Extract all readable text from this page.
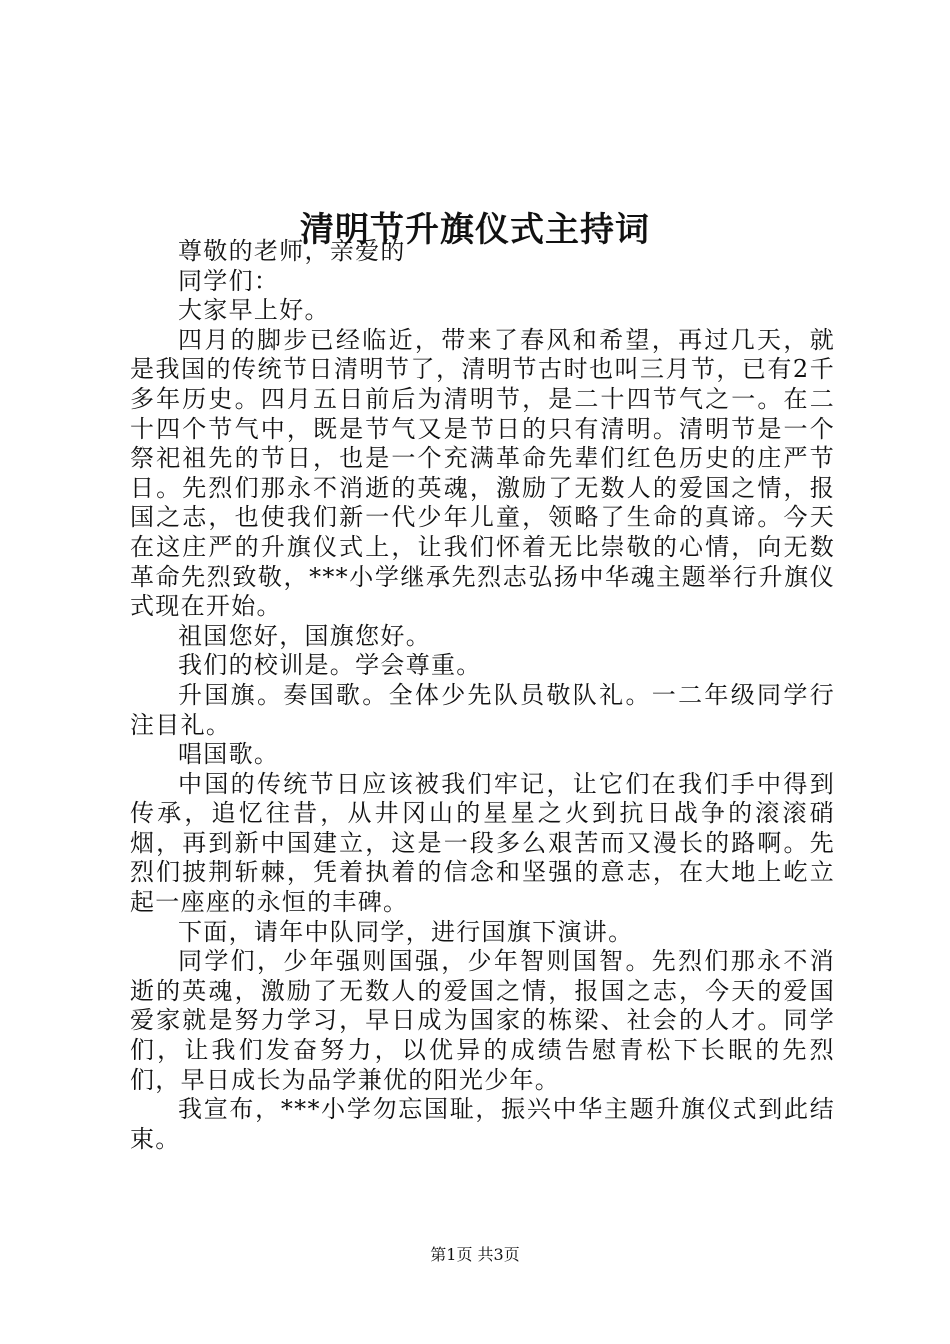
清明节升旗仪式主持词

尊敬的老师，亲爱的

同学们：

大家早上好。

四月的脚步已经临近，带来了春风和希望，再过几天，就是我国的传统节日清明节了，清明节古时也叫三月节，已有2千多年历史。四月五日前后为清明节，是二十四节气之一。在二十四个节气中，既是节气又是节日的只有清明。清明节是一个祭祀祖先的节日，也是一个充满革命先辈们红色历史的庄严节日。先烈们那永不消逝的英魂，激励了无数人的爱国之情，报国之志，也使我们新一代少年儿童，领略了生命的真谛。今天在这庄严的升旗仪式上，让我们怀着无比崇敬的心情，向无数革命先烈致敬，***小学继承先烈志弘扬中华魂主题举行升旗仪式现在开始。

祖国您好，国旗您好。

我们的校训是。学会尊重。

升国旗。奏国歌。全体少先队员敬队礼。一二年级同学行注目礼。

唱国歌。

中国的传统节日应该被我们牢记，让它们在我们手中得到传承，追忆往昔，从井冈山的星星之火到抗日战争的滚滚硝烟，再到新中国建立，这是一段多么艰苦而又漫长的路啊。先烈们披荆斩棘，凭着执着的信念和坚强的意志，在大地上屹立起一座座的永恒的丰碑。

下面，请年中队同学，进行国旗下演讲。

同学们，少年强则国强，少年智则国智。先烈们那永不消逝的英魂，激励了无数人的爱国之情，报国之志，今天的爱国爱家就是努力学习，早日成为国家的栋梁、社会的人才。同学们，让我们发奋努力，以优异的成绩告慰青松下长眠的先烈们，早日成长为品学兼优的阳光少年。

我宣布，***小学勿忘国耻，振兴中华主题升旗仪式到此结束。

第1页 共3页
